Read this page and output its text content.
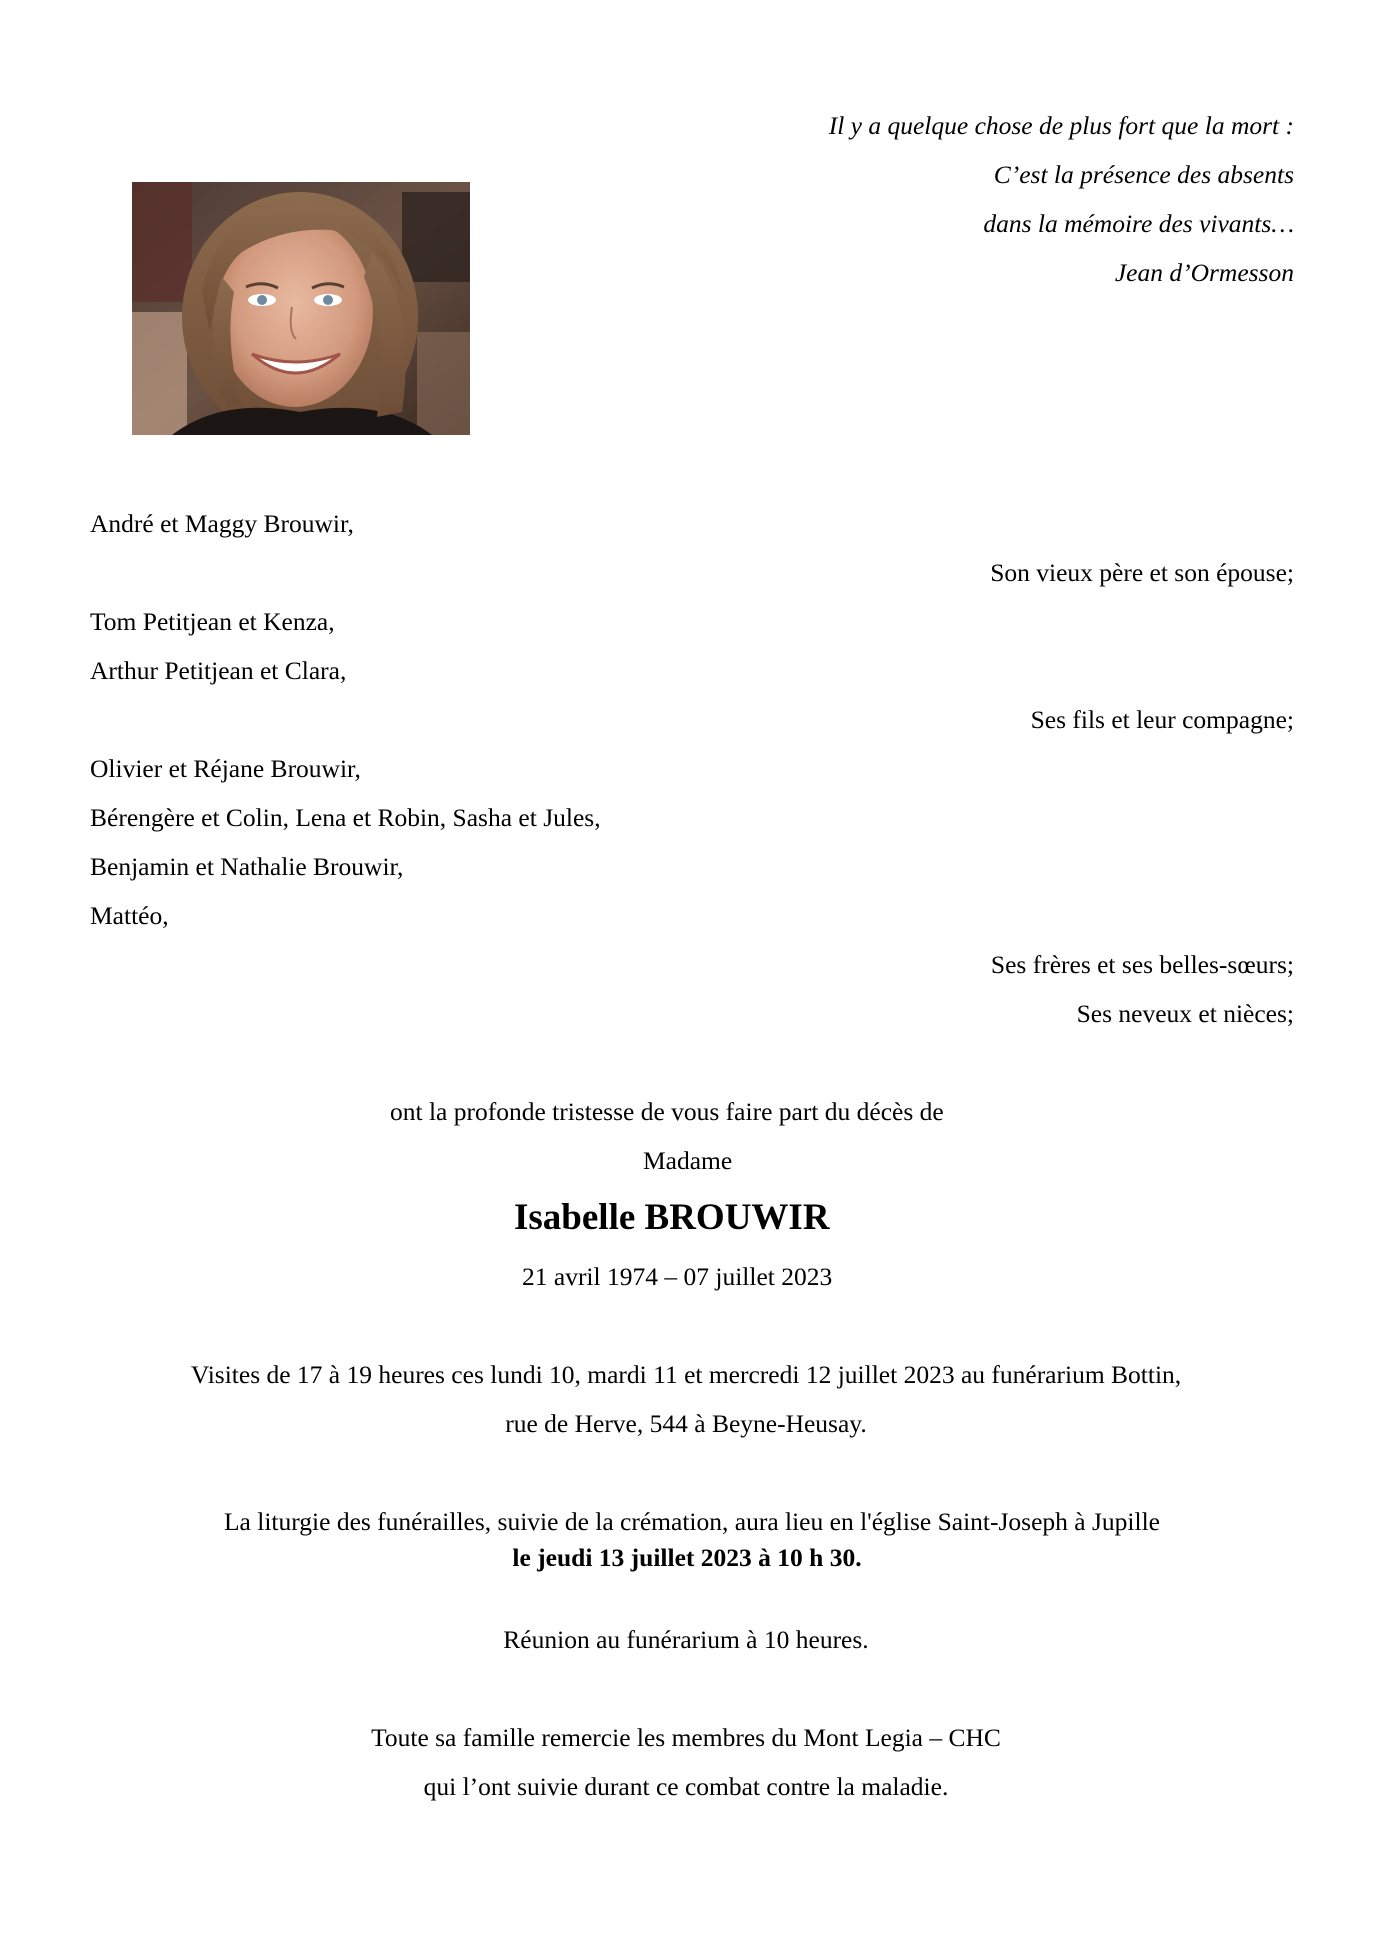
Il y a quelque chose de plus fort que la mort :

C’est la présence des absents

dans la mémoire des vivants…

Jean d’Ormesson

André et Maggy Brouwir,

Son vieux père et son épouse;

Tom Petitjean et Kenza,

Arthur Petitjean et Clara,

Ses fils et leur compagne;

Olivier et Réjane Brouwir,

Bérengère et Colin, Lena et Robin, Sasha et Jules,

Benjamin et Nathalie Brouwir,

Mattéo,

Ses frères et ses belles-sœurs;

Ses neveux et nièces;

ont la profonde tristesse de vous faire part du décès de

Madame

Isabelle BROUWIR

21 avril 1974 – 07 juillet 2023

Visites de 17 à 19 heures ces lundi 10, mardi 11 et mercredi 12 juillet 2023 au funérarium Bottin,

rue de Herve, 544 à Beyne-Heusay.

La liturgie des funérailles, suivie de la crémation, aura lieu en l'église Saint-Joseph à Jupille

le jeudi 13 juillet 2023 à 10 h 30.

Réunion au funérarium à 10 heures.

Toute sa famille remercie les membres du Mont Legia – CHC

qui l’ont suivie durant ce combat contre la maladie.
